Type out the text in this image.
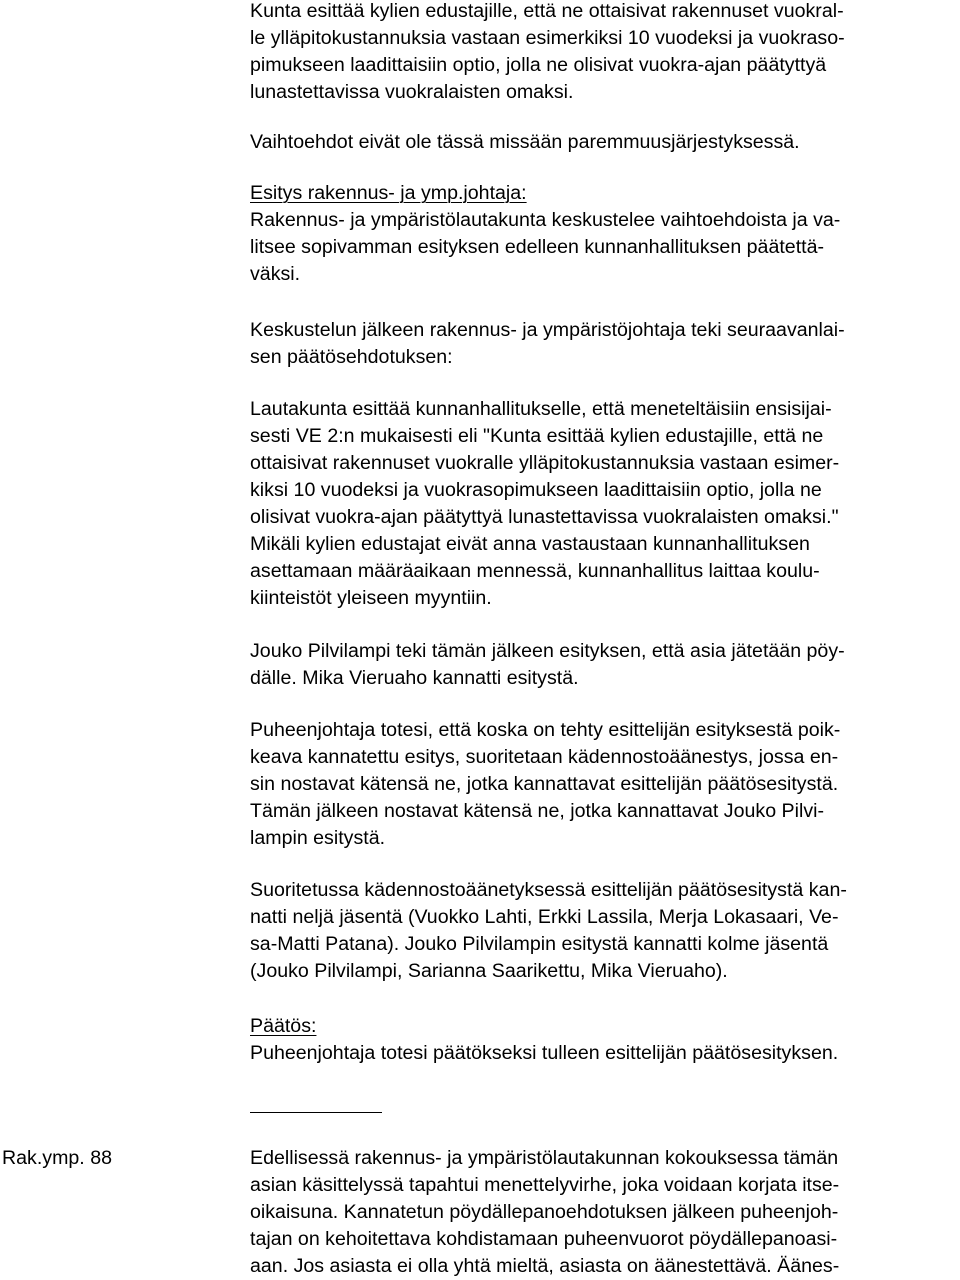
Kunta esittää kylien edustajille, että ne ottaisivat rakennuset vuokral-
le ylläpitokustannuksia vastaan esimerkiksi 10 vuodeksi ja vuokraso-
pimukseen laadittaisiin optio, jolla ne olisivat vuokra-ajan päätyttyä
lunastettavissa vuokralaisten omaksi.
Vaihtoehdot eivät ole tässä missään paremmuusjärjestyksessä.
Esitys rakennus- ja ymp.johtaja:
Rakennus- ja ympäristölautakunta keskustelee vaihtoehdoista ja va-
litsee sopivamman esityksen edelleen kunnanhallituksen päätettä-
väksi.
Keskustelun jälkeen rakennus- ja ympäristöjohtaja teki seuraavanlai-
sen päätösehdotuksen:
Lautakunta esittää kunnanhallitukselle, että meneteltäisiin ensisijai-
sesti VE 2:n mukaisesti eli "Kunta esittää kylien edustajille, että ne
ottaisivat rakennuset vuokralle ylläpitokustannuksia vastaan esimer-
kiksi 10 vuodeksi ja vuokrasopimukseen laadittaisiin optio, jolla ne
olisivat vuokra-ajan päätyttyä lunastettavissa vuokralaisten omaksi."
Mikäli kylien edustajat eivät anna vastaustaan kunnanhallituksen
asettamaan määräaikaan mennessä, kunnanhallitus laittaa koulu-
kiinteistöt yleiseen myyntiin.
Jouko Pilvilampi teki tämän jälkeen esityksen, että asia jätetään pöy-
dälle. Mika Vieruaho kannatti esitystä.
Puheenjohtaja totesi, että koska on tehty esittelijän esityksestä poik-
keava kannatettu esitys, suoritetaan kädennostoäänestys, jossa en-
sin nostavat kätensä ne, jotka kannattavat esittelijän päätösesitystä.
Tämän jälkeen nostavat kätensä ne, jotka kannattavat Jouko Pilvi-
lampin esitystä.
Suoritetussa kädennostoäänetyksessä esittelijän päätösesitystä kan-
natti neljä jäsentä (Vuokko Lahti, Erkki Lassila, Merja Lokasaari, Ve-
sa-Matti Patana). Jouko Pilvilampin esitystä kannatti kolme jäsentä
(Jouko Pilvilampi, Sarianna Saarikettu, Mika Vieruaho).
Päätös:
Puheenjohtaja totesi päätökseksi tulleen esittelijän päätösesityksen.
Rak.ymp. 88	Edellisessä rakennus- ja ympäristölautakunnan kokouksessa tämän
asian käsittelyssä tapahtui menettelyvirhe, joka voidaan korjata itse-
oikaisuna. Kannatetun pöydällepanoehdotuksen jälkeen puheenjoh-
tajan on kehoitettava kohdistamaan puheenvuorot pöydällepanoasi-
aan. Jos asiasta ei olla yhtä mieltä, asiasta on äänestettävä. Äänes-
